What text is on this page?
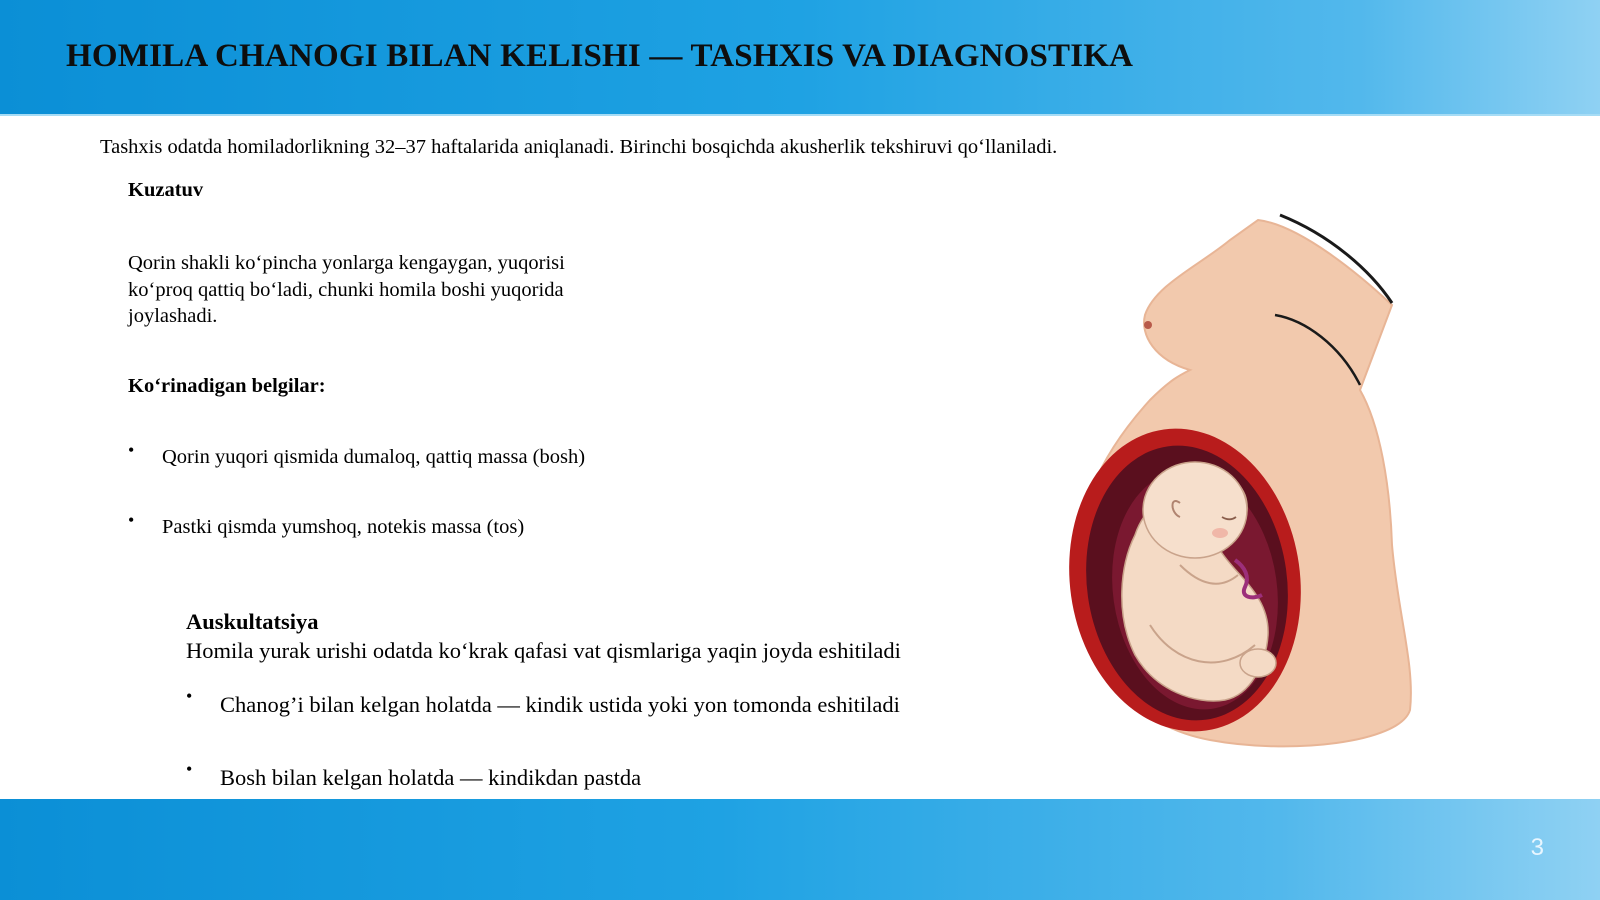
HOMILA CHANOGI BILAN KELISHI — TASHXIS VA DIAGNOSTIKA

Tashxis odatda homiladorlikning 32–37 haftalarida aniqlanadi. Birinchi bosqichda akusherlik tekshiruvi qo‘llaniladi.

Kuzatuv

Qorin shakli ko‘pincha yonlarga kengaygan, yuqorisi
ko‘proq qattiq bo‘ladi, chunki homila boshi yuqorida
joylashadi.

Ko‘rinadigan belgilar:

• Qorin yuqori qismida dumaloq, qattiq massa (bosh)
• Pastki qismda yumshoq, notekis massa (tos)

Auskultatsiya

Homila yurak urishi odatda ko‘krak qafasi vat qismlariga yaqin joyda eshitiladi

• Chanog’i bilan kelgan holatda — kindik ustida yoki yon tomonda eshitiladi
• Bosh bilan kelgan holatda — kindikdan pastda
3
